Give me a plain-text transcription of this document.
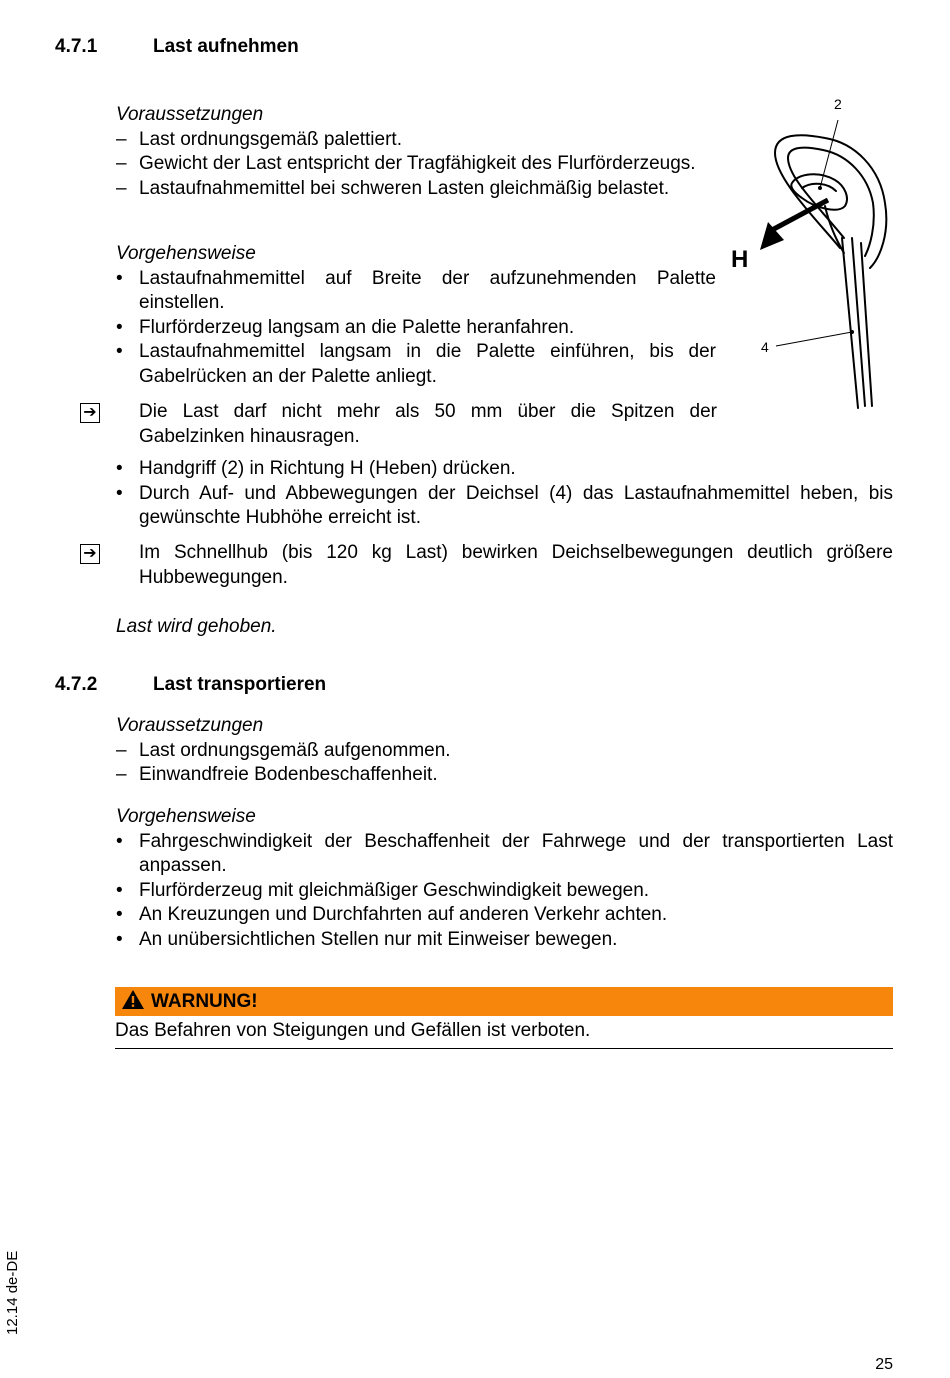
4.7.1	Last aufnehmen
Voraussetzungen
– Last ordnungsgemäß palettiert.
– Gewicht der Last entspricht der Tragfähigkeit des Flurförderzeugs.
– Lastaufnahmemittel bei schweren Lasten gleichmäßig belastet.
Vorgehensweise
• Lastaufnahmemittel auf Breite der aufzunehmenden Palette einstellen.
• Flurförderzeug langsam an die Palette heranfahren.
• Lastaufnahmemittel langsam in die Palette einführen, bis der Gabelrücken an der Palette anliegt.
➔ Die Last darf nicht mehr als 50 mm über die Spitzen der Gabelzinken hinausragen.
• Handgriff (2) in Richtung H (Heben) drücken.
• Durch Auf- und Abbewegungen der Deichsel (4) das Lastaufnahmemittel heben, bis gewünschte Hubhöhe erreicht ist.
➔ Im Schnellhub (bis 120 kg Last) bewirken Deichselbewegungen deutlich größere Hubbewegungen.
Last wird gehoben.
2
4
H
4.7.2	Last transportieren
Voraussetzungen
– Last ordnungsgemäß aufgenommen.
– Einwandfreie Bodenbeschaffenheit.
Vorgehensweise
• Fahrgeschwindigkeit der Beschaffenheit der Fahrwege und der transportierten Last anpassen.
• Flurförderzeug mit gleichmäßiger Geschwindigkeit bewegen.
• An Kreuzungen und Durchfahrten auf anderen Verkehr achten.
• An unübersichtlichen Stellen nur mit Einweiser bewegen.
WARNUNG!
Das Befahren von Steigungen und Gefällen ist verboten.
12.14 de-DE
25
